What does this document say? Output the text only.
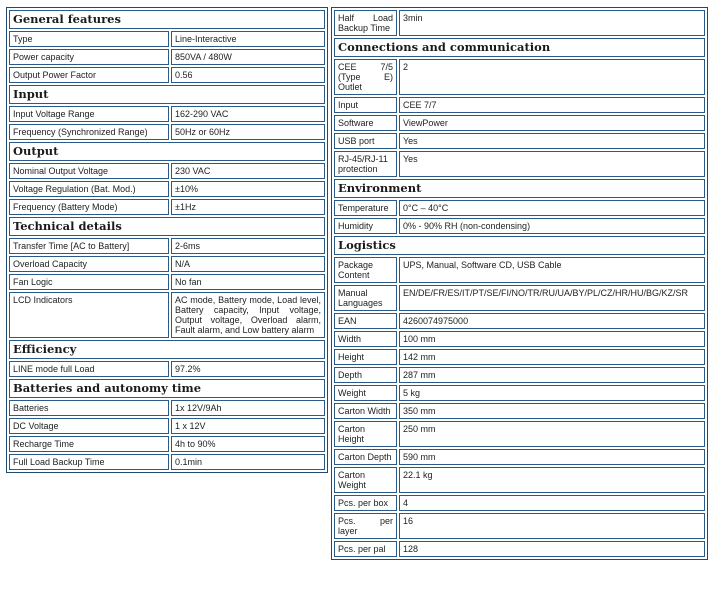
General features	
Type	Line-Interactive
Power capacity	850VA / 480W
Output Power Factor	0.56
Input	
Input Voltage Range	162-290 VAC
Frequency (Synchronized Range)	50Hz or 60Hz
Output	
Nominal Output Voltage	230 VAC
Voltage Regulation (Bat. Mod.)	±10%
Frequency (Battery Mode)	±1Hz
Technical details	
Transfer Time [AC to Battery]	2-6ms
Overload Capacity	N/A
Fan Logic	No fan
LCD Indicators	AC mode, Battery mode, Load level, Battery capacity, Input voltage, Output voltage, Overload alarm, Fault alarm, and Low battery alarm
Efficiency	
LINE mode full Load	97.2%
Batteries and autonomy time	
Batteries	1x 12V/9Ah
DC Voltage	1 x 12V
Recharge Time	4h to 90%
Full Load Backup Time	0.1min
Half Load Backup Time	3min
Connections and communication	
CEE 7/5 (Type E) Outlet	2
Input	CEE 7/7
Software	ViewPower
USB port	Yes
RJ-45/RJ-11 protection	Yes
Environment	
Temperature	0°C – 40°C
Humidity	0% - 90% RH (non-condensing)
Logistics	
Package Content	UPS, Manual, Software CD, USB Cable
Manual Languages	EN/DE/FR/ES/IT/PT/SE/FI/NO/TR/RU/UA/BY/PL/CZ/HR/HU/BG/KZ/SR
EAN	4260074975000
Width	100 mm
Height	142 mm
Depth	287 mm
Weight	5 kg
Carton Width	350 mm
Carton Height	250 mm
Carton Depth	590 mm
Carton Weight	22.1 kg
Pcs. per box	4
Pcs. per layer	16
Pcs. per pal	128
